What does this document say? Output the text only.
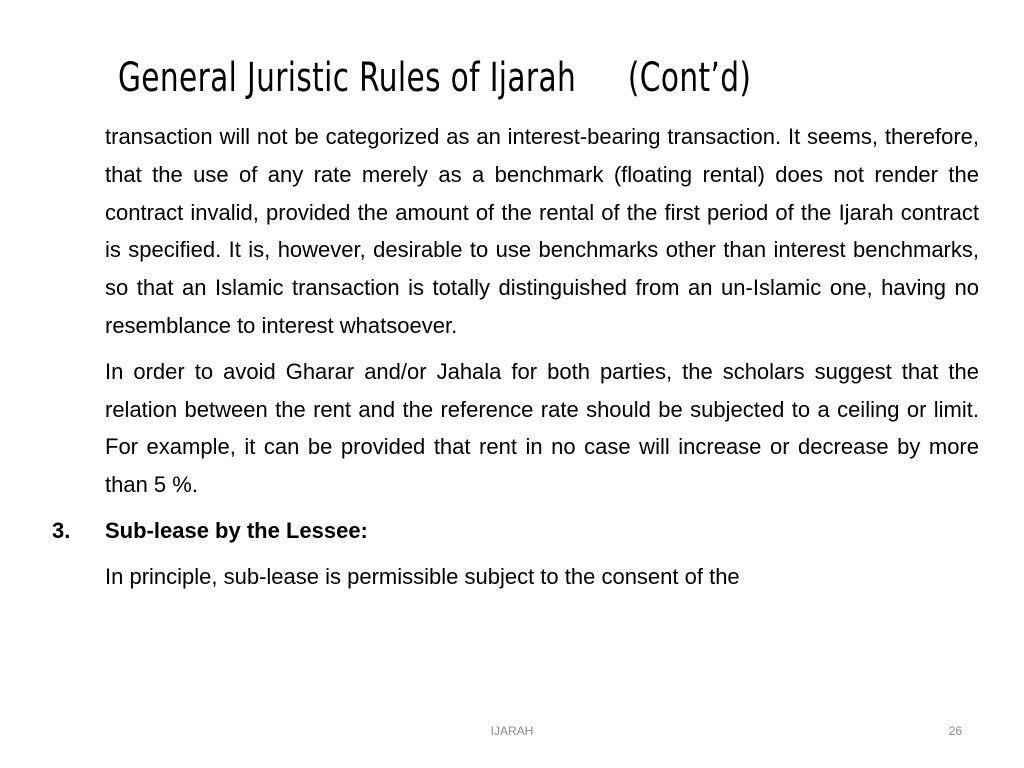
General Juristic Rules of Ijarah (Cont’d)

transaction will not be categorized as an interest-bearing transaction. It seems, therefore, that the use of any rate merely as a benchmark (floating rental) does not render the contract invalid, provided the amount of the rental of the first period of the Ijarah contract is specified. It is, however, desirable to use benchmarks other than interest benchmarks, so that an Islamic transaction is totally distinguished from an un-Islamic one, having no resemblance to interest whatsoever.

In order to avoid Gharar and/or Jahala for both parties, the scholars suggest that the relation between the rent and the reference rate should be subjected to a ceiling or limit. For example, it can be provided that rent in no case will increase or decrease by more than 5 %.

3. Sub-lease by the Lessee:

In principle, sub-lease is permissible subject to the consent of the

IJARAH	26
